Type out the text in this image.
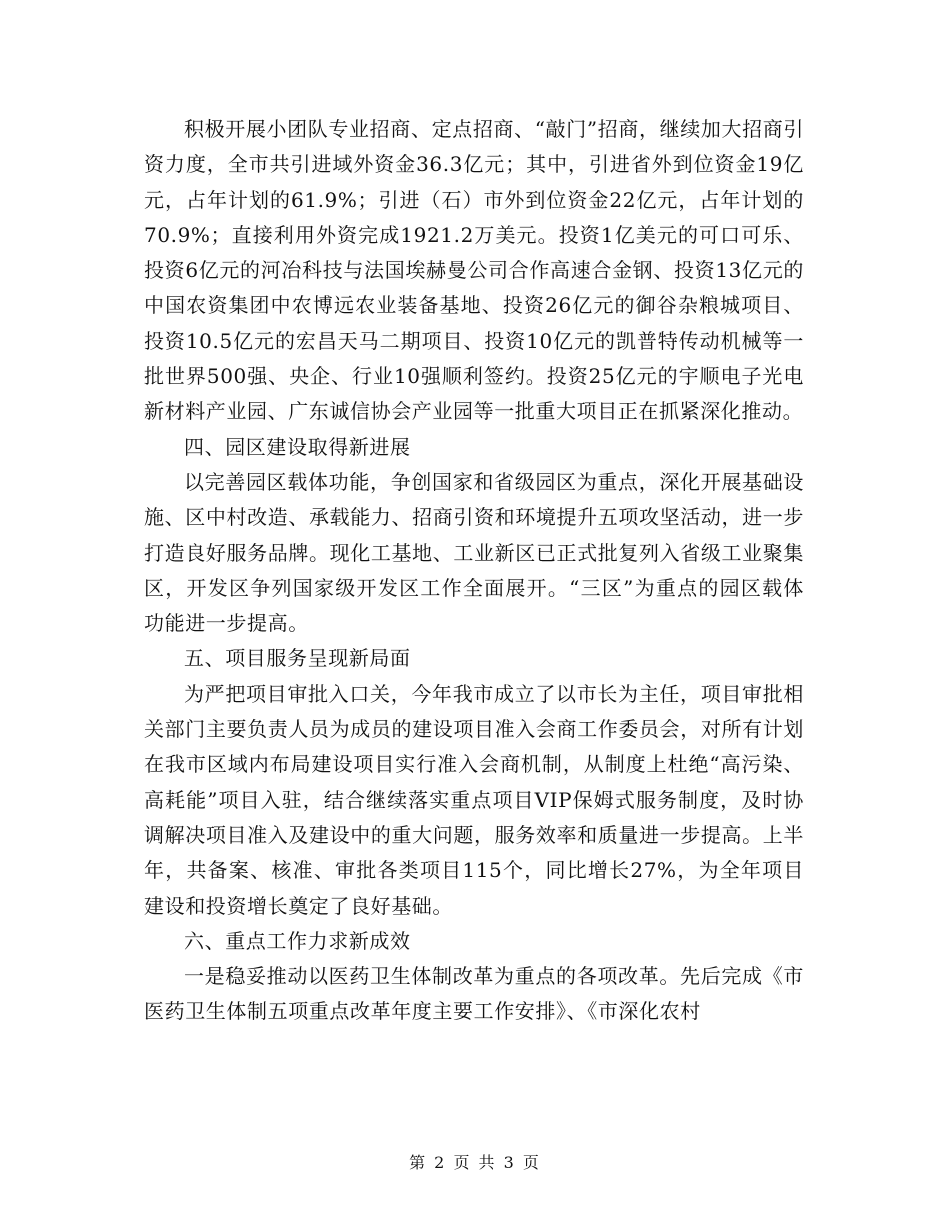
积极开展小团队专业招商、定点招商、“敲门”招商，继续加大招商引资力度，全市共引进域外资金36.3亿元；其中，引进省外到位资金19亿元，占年计划的61.9%；引进（石）市外到位资金22亿元，占年计划的70.9%；直接利用外资完成1921.2万美元。投资1亿美元的可口可乐、投资6亿元的河冶科技与法国埃赫曼公司合作高速合金钢、投资13亿元的中国农资集团中农博远农业装备基地、投资26亿元的御谷杂粮城项目、投资10.5亿元的宏昌天马二期项目、投资10亿元的凯普特传动机械等一批世界500强、央企、行业10强顺利签约。投资25亿元的宇顺电子光电新材料产业园、广东诚信协会产业园等一批重大项目正在抓紧深化推动。

四、园区建设取得新进展

以完善园区载体功能，争创国家和省级园区为重点，深化开展基础设施、区中村改造、承载能力、招商引资和环境提升五项攻坚活动，进一步打造良好服务品牌。现化工基地、工业新区已正式批复列入省级工业聚集区，开发区争列国家级开发区工作全面展开。“三区”为重点的园区载体功能进一步提高。

五、项目服务呈现新局面

为严把项目审批入口关，今年我市成立了以市长为主任，项目审批相关部门主要负责人员为成员的建设项目准入会商工作委员会，对所有计划在我市区域内布局建设项目实行准入会商机制，从制度上杜绝“高污染、高耗能”项目入驻，结合继续落实重点项目VIP保姆式服务制度，及时协调解决项目准入及建设中的重大问题，服务效率和质量进一步提高。上半年，共备案、核准、审批各类项目115个，同比增长27%，为全年项目建设和投资增长奠定了良好基础。

六、重点工作力求新成效

一是稳妥推动以医药卫生体制改革为重点的各项改革。先后完成《市医药卫生体制五项重点改革年度主要工作安排》、《市深化农村

第 2 页 共 3 页
